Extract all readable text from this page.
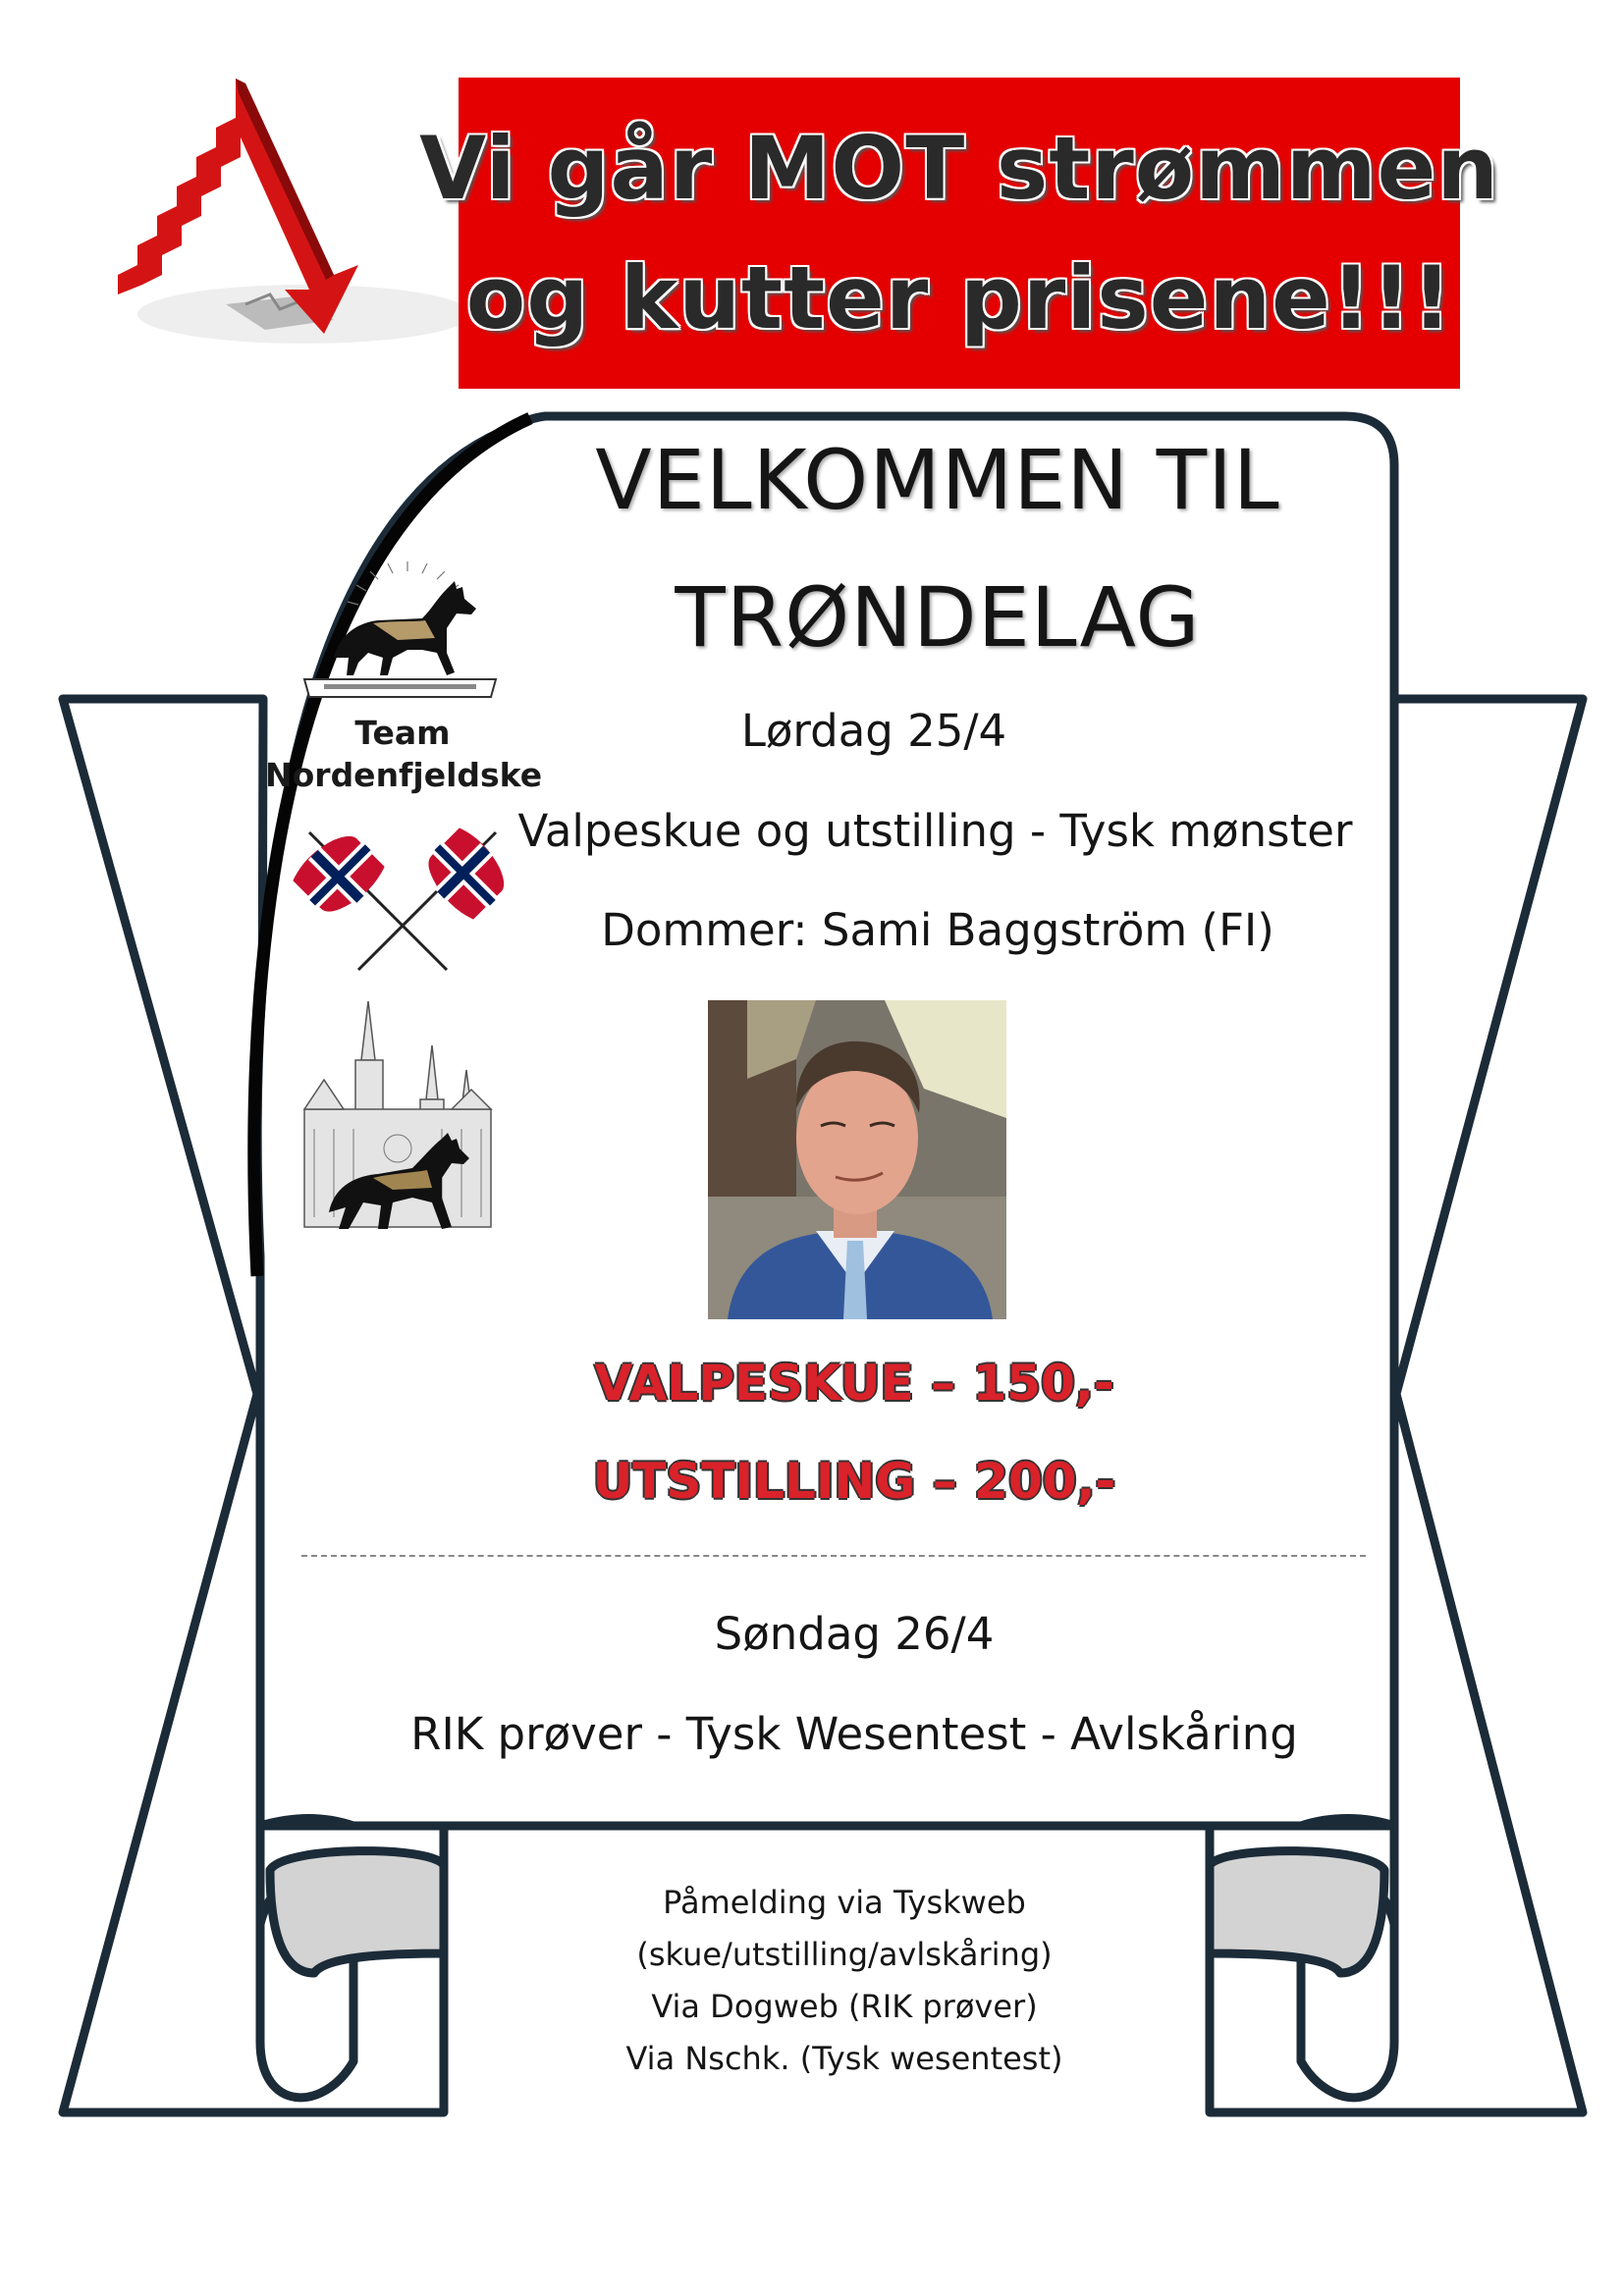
Vi går MOT strømmen
og kutter prisene!!!
Team
Nordenfjeldske
VELKOMMEN TIL
TRØNDELAG
Lørdag 25/4
Valpeskue og utstilling - Tysk mønster
Dommer: Sami Baggström (FI)
VALPESKUE – 150,-
UTSTILLING – 200,-
Søndag 26/4
RIK prøver - Tysk Wesentest - Avlskåring
Påmelding via Tyskweb
(skue/utstilling/avlskåring)
Via Dogweb (RIK prøver)
Via Nschk. (Tysk wesentest)
